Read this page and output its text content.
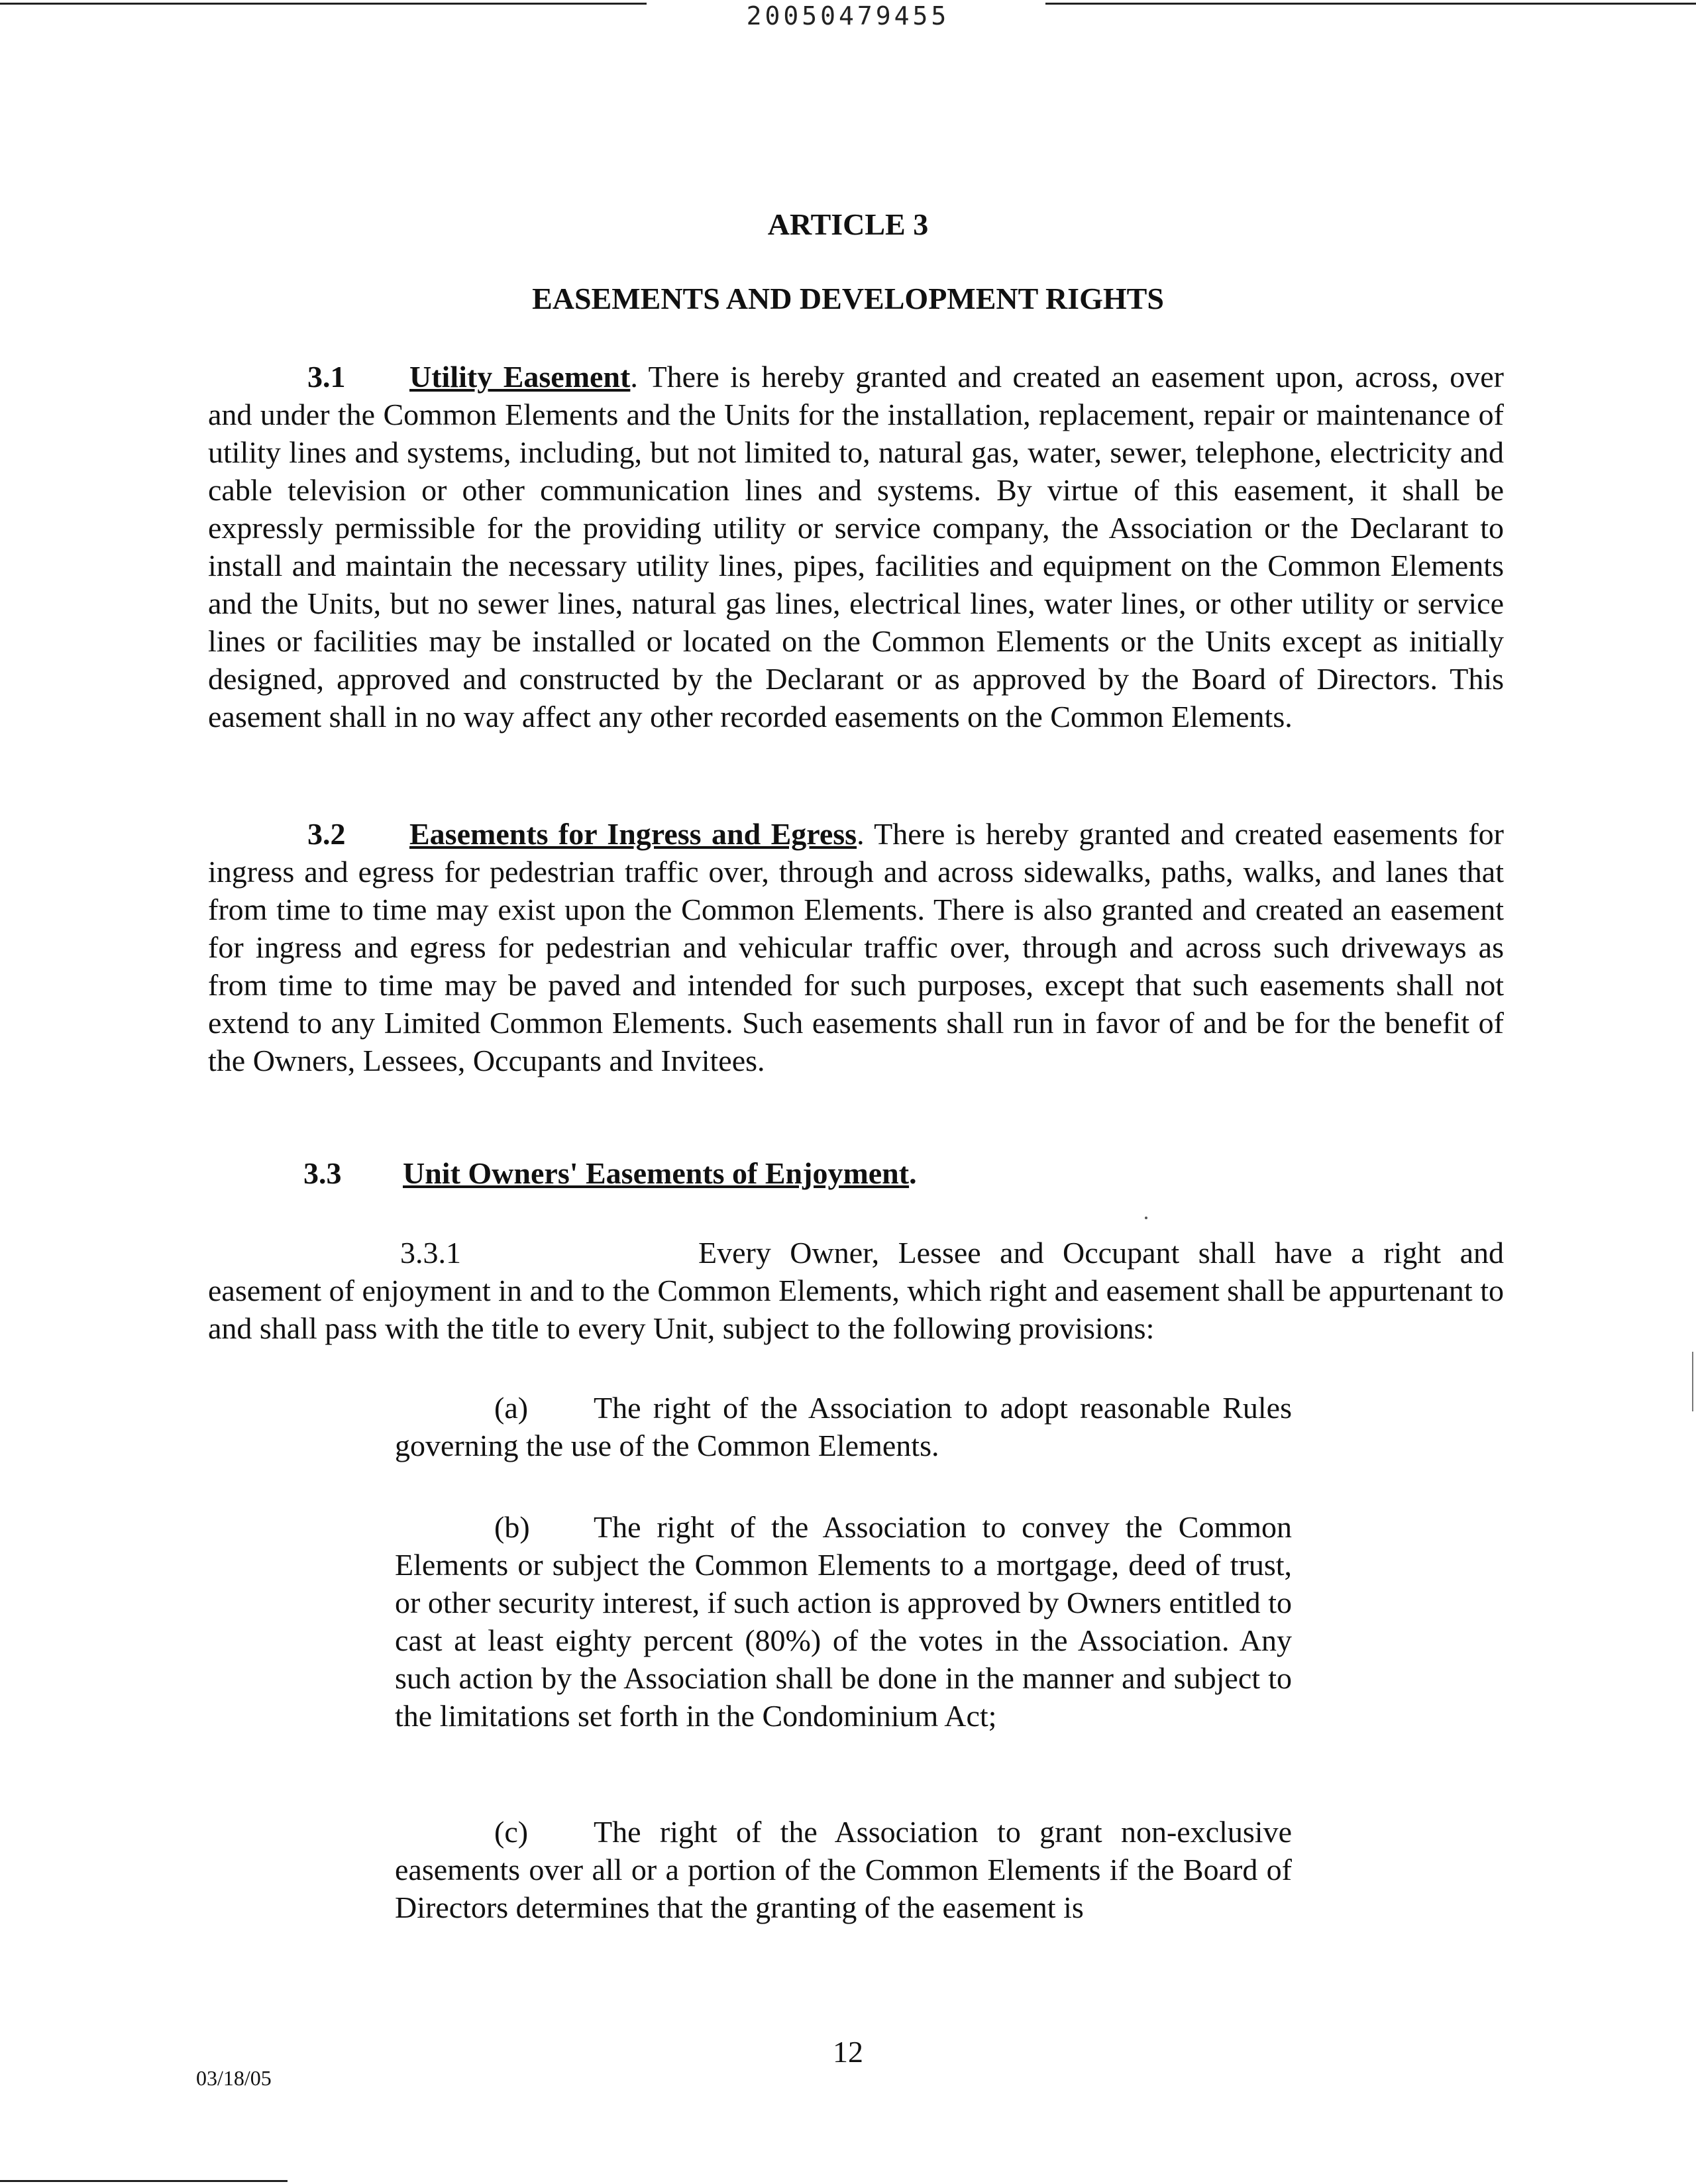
20050479455
ARTICLE 3
EASEMENTS AND DEVELOPMENT RIGHTS

3.1 Utility Easement. There is hereby granted and created an easement upon, across, over and under the Common Elements and the Units for the installation, replacement, repair or maintenance of utility lines and systems, including, but not limited to, natural gas, water, sewer, telephone, electricity and cable television or other communication lines and systems. By virtue of this easement, it shall be expressly permissible for the providing utility or service company, the Association or the Declarant to install and maintain the necessary utility lines, pipes, facilities and equipment on the Common Elements and the Units, but no sewer lines, natural gas lines, electrical lines, water lines, or other utility or service lines or facilities may be installed or located on the Common Elements or the Units except as initially designed, approved and constructed by the Declarant or as approved by the Board of Directors. This easement shall in no way affect any other recorded easements on the Common Elements.

3.2 Easements for Ingress and Egress. There is hereby granted and created easements for ingress and egress for pedestrian traffic over, through and across sidewalks, paths, walks, and lanes that from time to time may exist upon the Common Elements. There is also granted and created an easement for ingress and egress for pedestrian and vehicular traffic over, through and across such driveways as from time to time may be paved and intended for such purposes, except that such easements shall not extend to any Limited Common Elements. Such easements shall run in favor of and be for the benefit of the Owners, Lessees, Occupants and Invitees.

3.3 Unit Owners' Easements of Enjoyment.

3.3.1	Every Owner, Lessee and Occupant shall have a right and easement of enjoyment in and to the Common Elements, which right and easement shall be appurtenant to and shall pass with the title to every Unit, subject to the following provisions:

(a) The right of the Association to adopt reasonable Rules governing the use of the Common Elements.

(b) The right of the Association to convey the Common Elements or subject the Common Elements to a mortgage, deed of trust, or other security interest, if such action is approved by Owners entitled to cast at least eighty percent (80%) of the votes in the Association. Any such action by the Association shall be done in the manner and subject to the limitations set forth in the Condominium Act;

(c) The right of the Association to grant non-exclusive easements over all or a portion of the Common Elements if the Board of Directors determines that the granting of the easement is

12
03/18/05
